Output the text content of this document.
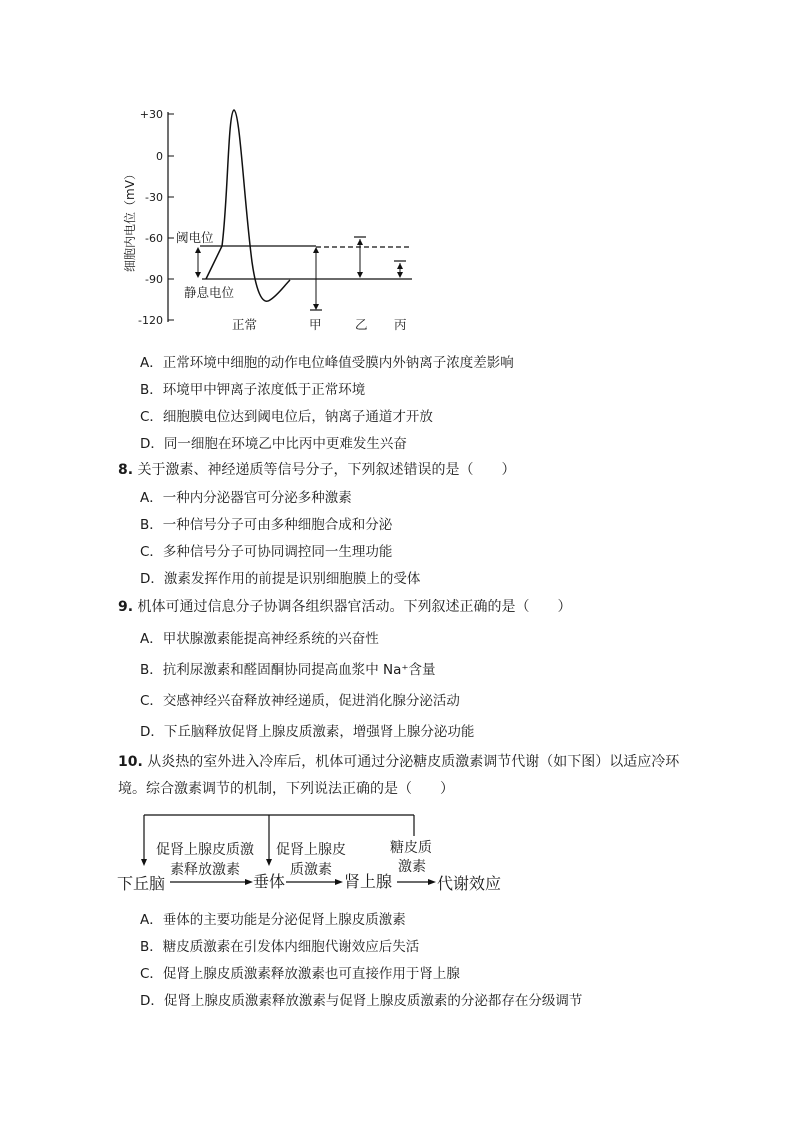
+30
0
-30
-60
-90
-120
细胞内电位（mV）	阈电位
静息电位
正常	甲	乙 丙
A．正常环境中细胞的动作电位峰值受膜内外钠离子浓度差影响
B．环境甲中钾离子浓度低于正常环境
C．细胞膜电位达到阈电位后，钠离子通道才开放
D．同一细胞在环境乙中比丙中更难发生兴奋
8. 关于激素、神经递质等信号分子，下列叙述错误的是（　　）
A．一种内分泌器官可分泌多种激素
B．一种信号分子可由多种细胞合成和分泌
C．多种信号分子可协同调控同一生理功能
D．激素发挥作用的前提是识别细胞膜上的受体
9. 机体可通过信息分子协调各组织器官活动。下列叙述正确的是（　　）
A．甲状腺激素能提高神经系统的兴奋性
B．抗利尿激素和醛固酮协同提高血浆中 Na⁺含量
C．交感神经兴奋释放神经递质，促进消化腺分泌活动
D．下丘脑释放促肾上腺皮质激素，增强肾上腺分泌功能
10. 从炎热的室外进入冷库后，机体可通过分泌糖皮质激素调节代谢（如下图）以适应冷环
境。综合激素调节的机制，下列说法正确的是（　　）
促肾上腺皮质激
素释放激素
促肾上腺皮
质激素
糖皮质
激素
下丘脑	垂体	肾上腺	代谢效应
A．垂体的主要功能是分泌促肾上腺皮质激素
B．糖皮质激素在引发体内细胞代谢效应后失活
C．促肾上腺皮质激素释放激素也可直接作用于肾上腺
D．促肾上腺皮质激素释放激素与促肾上腺皮质激素的分泌都存在分级调节
